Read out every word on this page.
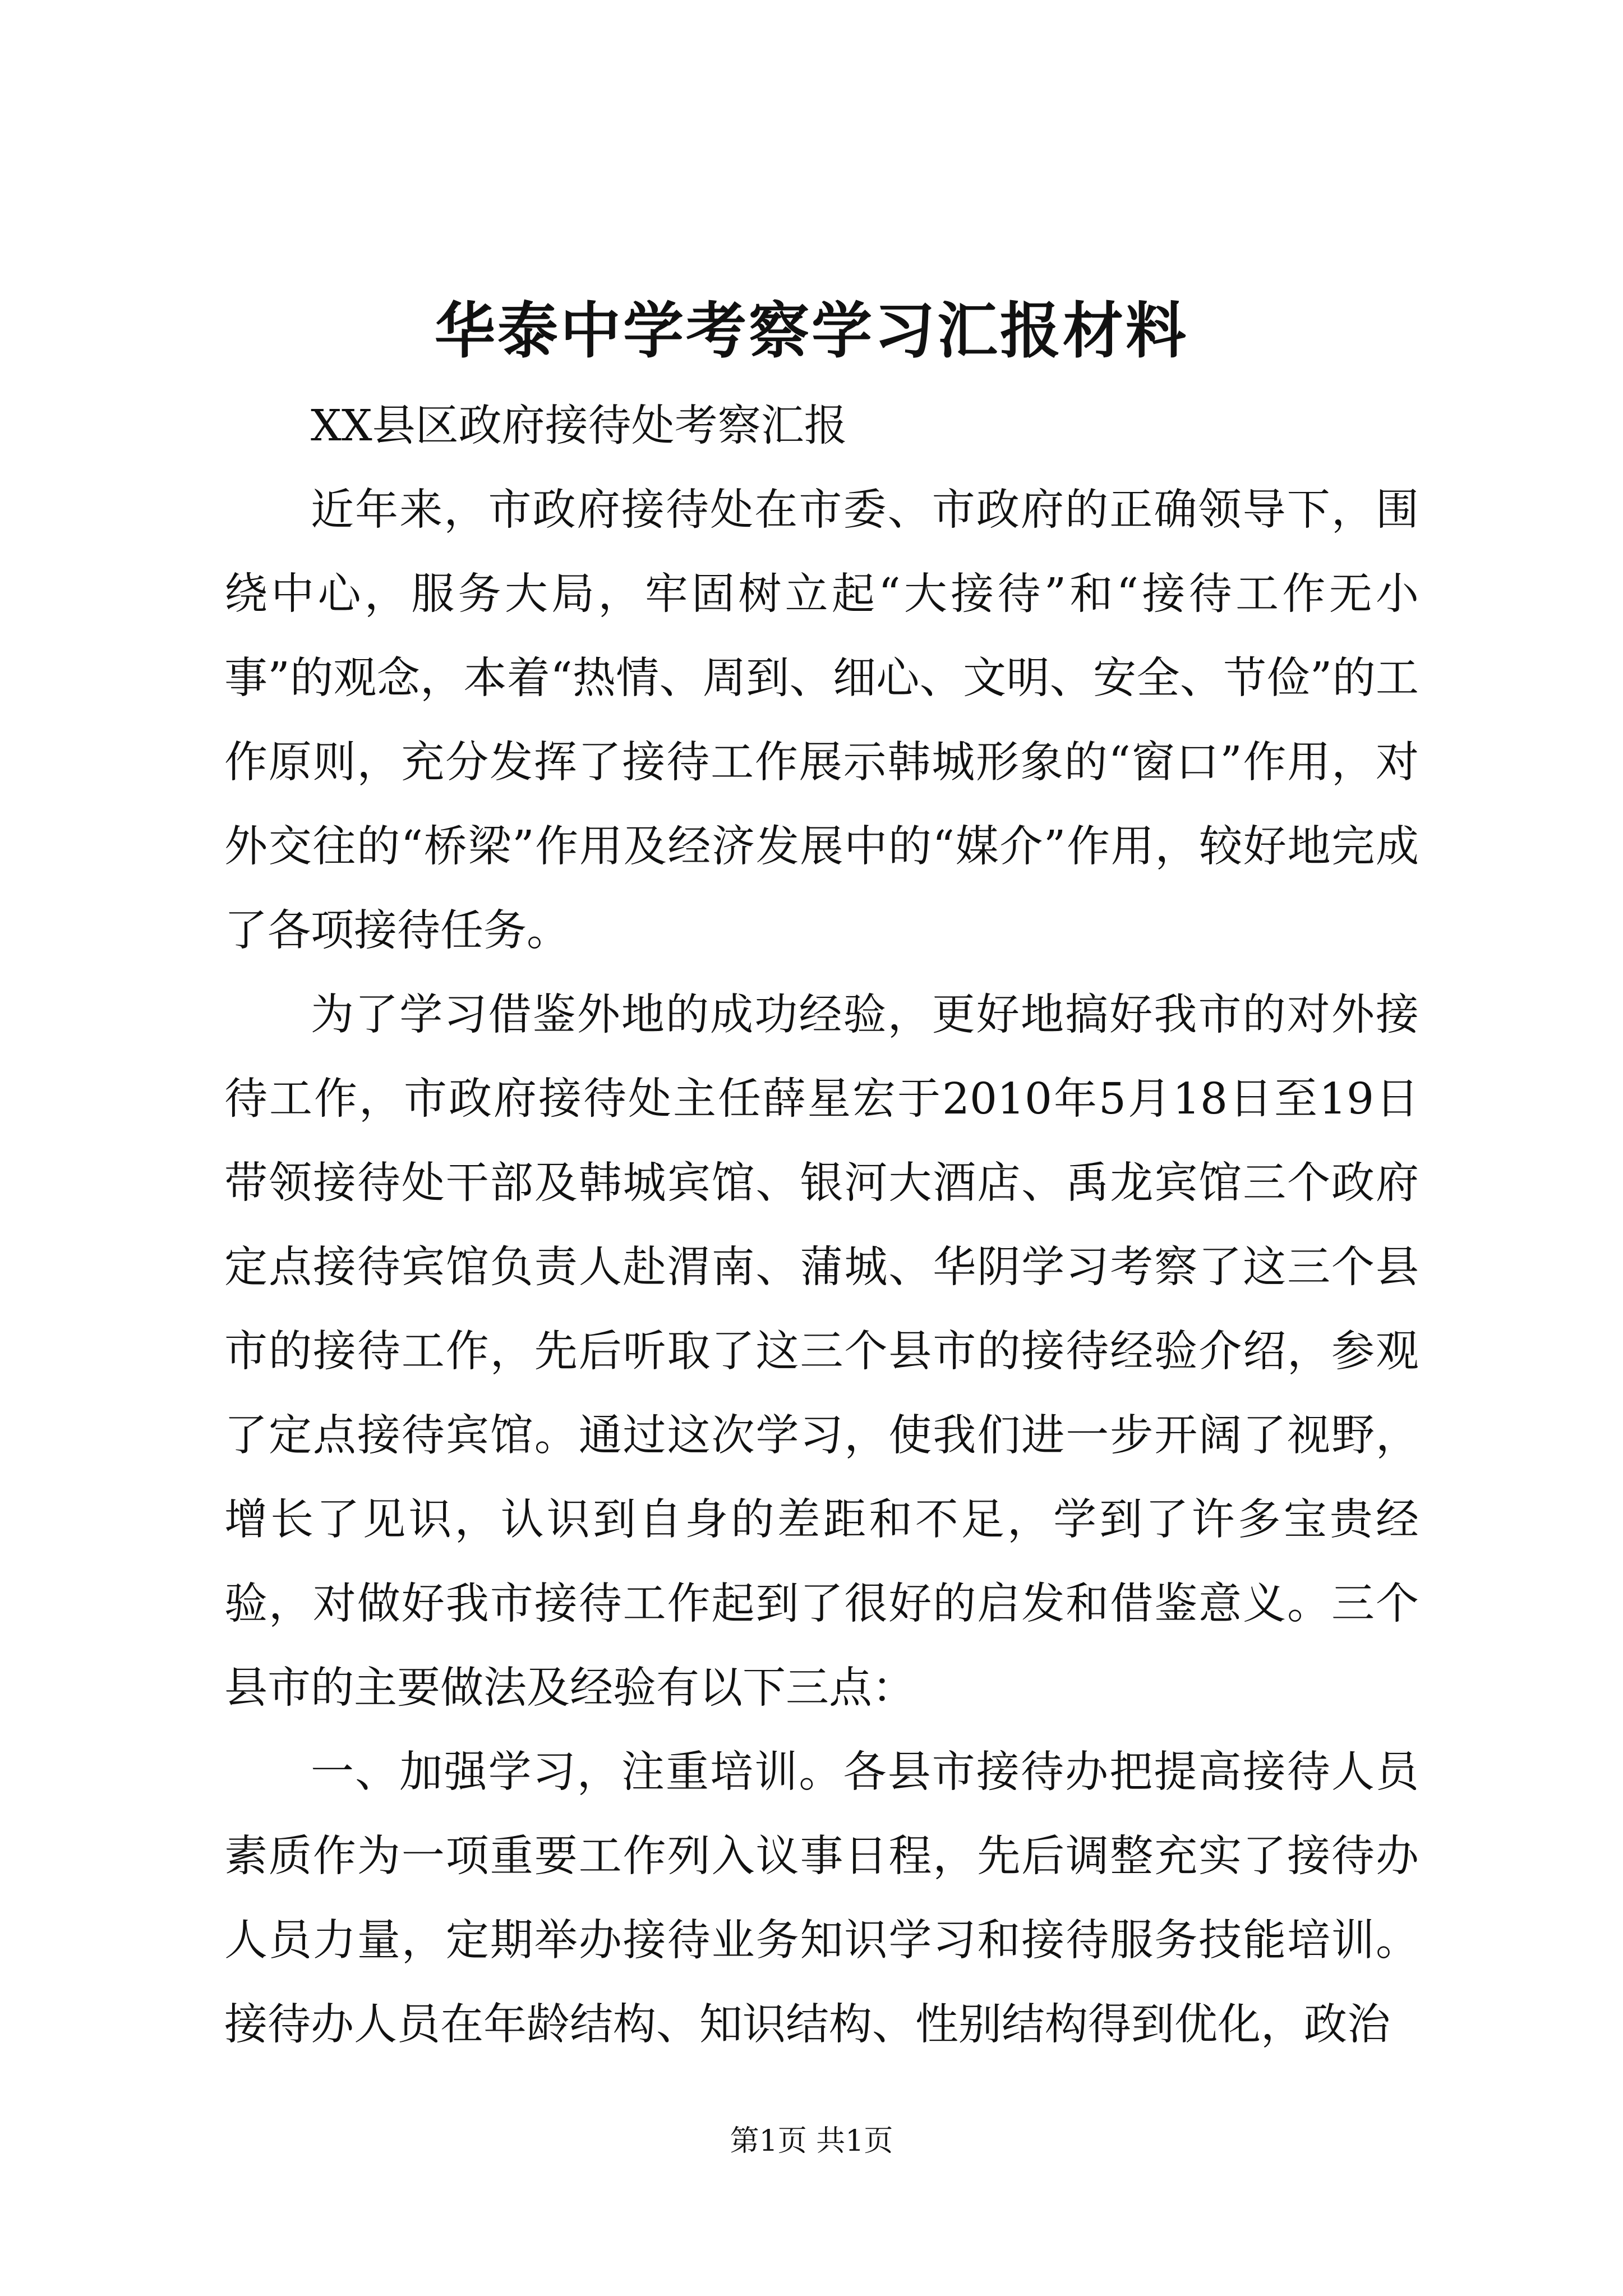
华泰中学考察学习汇报材料

XX县区政府接待处考察汇报

近年来，市政府接待处在市委、市政府的正确领导下，围绕中心，服务大局，牢固树立起“大接待”和“接待工作无小事”的观念，本着“热情、周到、细心、文明、安全、节俭”的工作原则，充分发挥了接待工作展示韩城形象的“窗口”作用，对外交往的“桥梁”作用及经济发展中的“媒介”作用，较好地完成了各项接待任务。

为了学习借鉴外地的成功经验，更好地搞好我市的对外接待工作，市政府接待处主任薛星宏于2010年5月18日至19日带领接待处干部及韩城宾馆、银河大酒店、禹龙宾馆三个政府定点接待宾馆负责人赴渭南、蒲城、华阴学习考察了这三个县市的接待工作，先后听取了这三个县市的接待经验介绍，参观了定点接待宾馆。通过这次学习，使我们进一步开阔了视野，增长了见识，认识到自身的差距和不足，学到了许多宝贵经验，对做好我市接待工作起到了很好的启发和借鉴意义。三个县市的主要做法及经验有以下三点：

一、加强学习，注重培训。各县市接待办把提高接待人员素质作为一项重要工作列入议事日程，先后调整充实了接待办人员力量，定期举办接待业务知识学习和接待服务技能培训。接待办人员在年龄结构、知识结构、性别结构得到优化，政治

第1页 共1页
